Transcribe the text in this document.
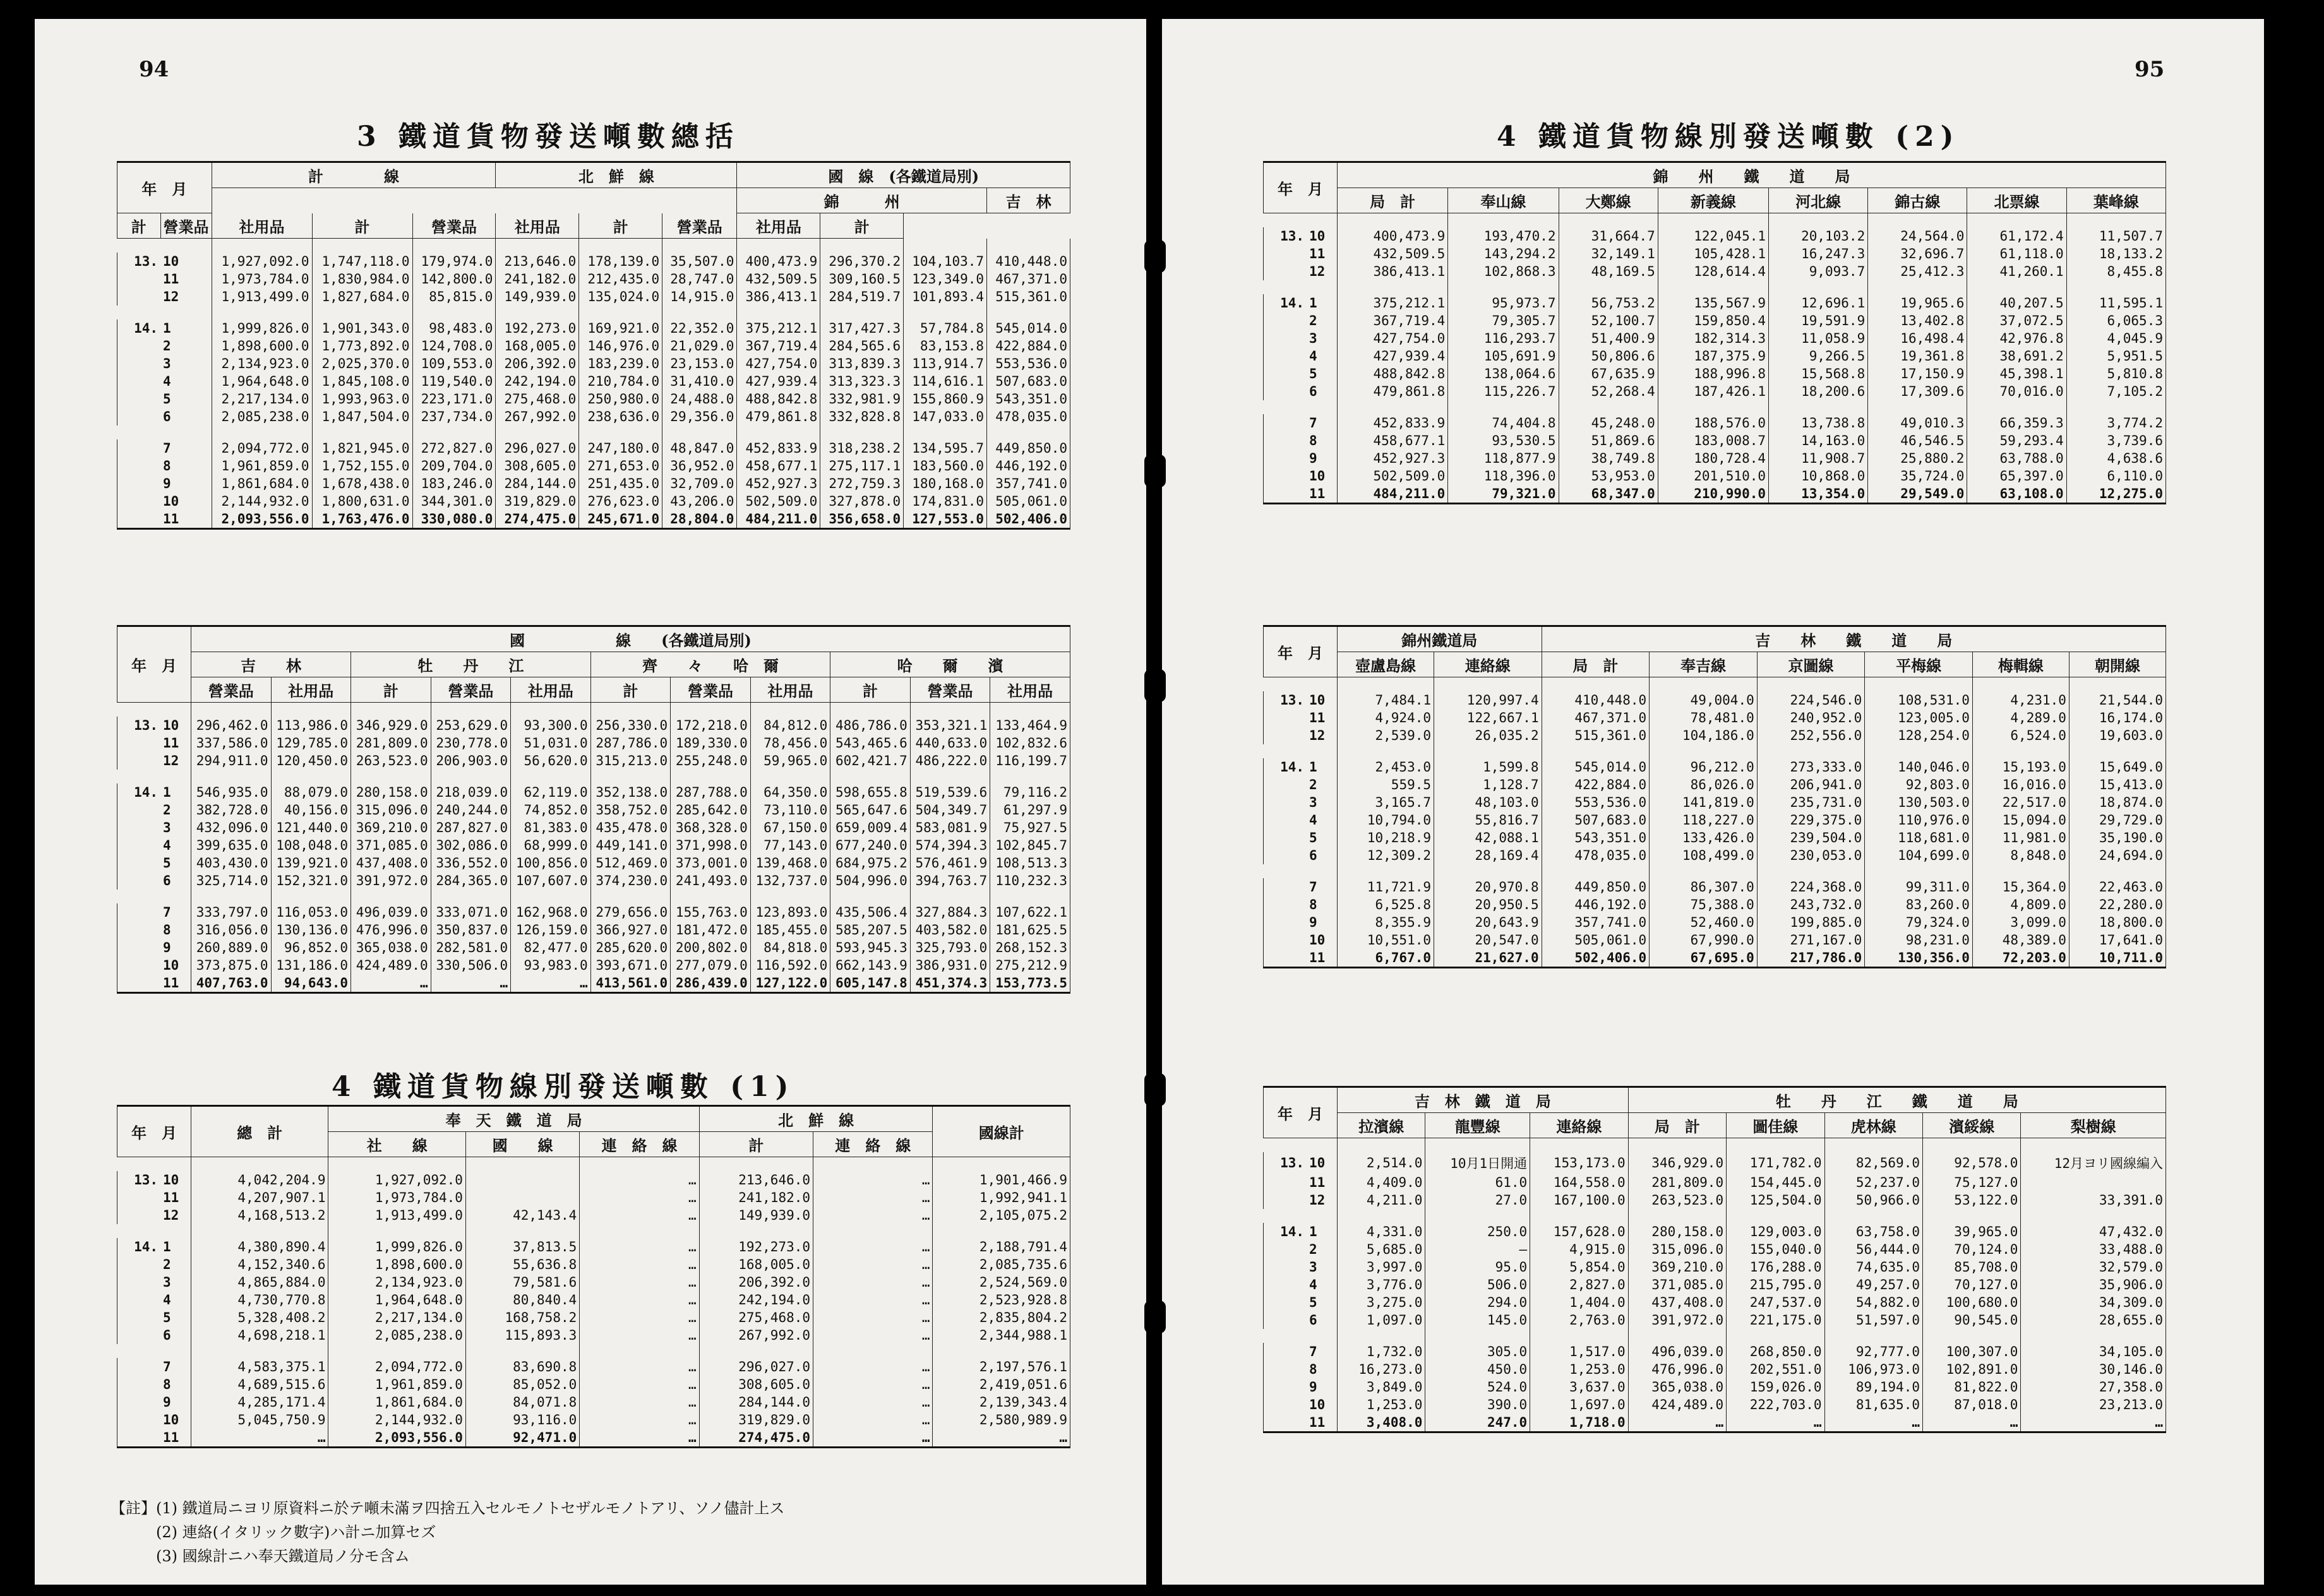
94
3 鐵道貨物發送噸數總括
年　月		計　　　　線			北　鮮　線			國　線　(各鐵道局別)			
								錦　　　州			吉　林
計	營業品	社用品	計	營業品	社用品	計	營業品	社用品	計		

13.	10	1,927,092.0	1,747,118.0	179,974.0	213,646.0	178,139.0	35,507.0	400,473.9	296,370.2	104,103.7	410,448.0
	11	1,973,784.0	1,830,984.0	142,800.0	241,182.0	212,435.0	28,747.0	432,509.5	309,160.5	123,349.0	467,371.0
	12	1,913,499.0	1,827,684.0	85,815.0	149,939.0	135,024.0	14,915.0	386,413.1	284,519.7	101,893.4	515,361.0

14.	1	1,999,826.0	1,901,343.0	98,483.0	192,273.0	169,921.0	22,352.0	375,212.1	317,427.3	57,784.8	545,014.0
	2	1,898,600.0	1,773,892.0	124,708.0	168,005.0	146,976.0	21,029.0	367,719.4	284,565.6	83,153.8	422,884.0
	3	2,134,923.0	2,025,370.0	109,553.0	206,392.0	183,239.0	23,153.0	427,754.0	313,839.3	113,914.7	553,536.0
	4	1,964,648.0	1,845,108.0	119,540.0	242,194.0	210,784.0	31,410.0	427,939.4	313,323.3	114,616.1	507,683.0
	5	2,217,134.0	1,993,963.0	223,171.0	275,468.0	250,980.0	24,488.0	488,842.8	332,981.9	155,860.9	543,351.0
	6	2,085,238.0	1,847,504.0	237,734.0	267,992.0	238,636.0	29,356.0	479,861.8	332,828.8	147,033.0	478,035.0

	7	2,094,772.0	1,821,945.0	272,827.0	296,027.0	247,180.0	48,847.0	452,833.9	318,238.2	134,595.7	449,850.0
	8	1,961,859.0	1,752,155.0	209,704.0	308,605.0	271,653.0	36,952.0	458,677.1	275,117.1	183,560.0	446,192.0
	9	1,861,684.0	1,678,438.0	183,246.0	284,144.0	251,435.0	32,709.0	452,927.3	272,759.3	180,168.0	357,741.0
	10	2,144,932.0	1,800,631.0	344,301.0	319,829.0	276,623.0	43,206.0	502,509.0	327,878.0	174,831.0	505,061.0
	11	2,093,556.0	1,763,476.0	330,080.0	274,475.0	245,671.0	28,804.0	484,211.0	356,658.0	127,553.0	502,406.0
年　月		國　　　　　　線　　(各鐵道局別)										
		吉　　林		牡　　丹　　江			齊　　々　　哈　爾			哈　　爾　　濱		
		營業品	社用品	計	營業品	社用品	計	營業品	社用品	計	營業品	社用品

13.	10	296,462.0	113,986.0	346,929.0	253,629.0	93,300.0	256,330.0	172,218.0	84,812.0	486,786.0	353,321.1	133,464.9
	11	337,586.0	129,785.0	281,809.0	230,778.0	51,031.0	287,786.0	189,330.0	78,456.0	543,465.6	440,633.0	102,832.6
	12	294,911.0	120,450.0	263,523.0	206,903.0	56,620.0	315,213.0	255,248.0	59,965.0	602,421.7	486,222.0	116,199.7

14.	1	546,935.0	88,079.0	280,158.0	218,039.0	62,119.0	352,138.0	287,788.0	64,350.0	598,655.8	519,539.6	79,116.2
	2	382,728.0	40,156.0	315,096.0	240,244.0	74,852.0	358,752.0	285,642.0	73,110.0	565,647.6	504,349.7	61,297.9
	3	432,096.0	121,440.0	369,210.0	287,827.0	81,383.0	435,478.0	368,328.0	67,150.0	659,009.4	583,081.9	75,927.5
	4	399,635.0	108,048.0	371,085.0	302,086.0	68,999.0	449,141.0	371,998.0	77,143.0	677,240.0	574,394.3	102,845.7
	5	403,430.0	139,921.0	437,408.0	336,552.0	100,856.0	512,469.0	373,001.0	139,468.0	684,975.2	576,461.9	108,513.3
	6	325,714.0	152,321.0	391,972.0	284,365.0	107,607.0	374,230.0	241,493.0	132,737.0	504,996.0	394,763.7	110,232.3

	7	333,797.0	116,053.0	496,039.0	333,071.0	162,968.0	279,656.0	155,763.0	123,893.0	435,506.4	327,884.3	107,622.1
	8	316,056.0	130,136.0	476,996.0	350,837.0	126,159.0	366,927.0	181,472.0	185,455.0	585,207.5	403,582.0	181,625.5
	9	260,889.0	96,852.0	365,038.0	282,581.0	82,477.0	285,620.0	200,802.0	84,818.0	593,945.3	325,793.0	268,152.3
	10	373,875.0	131,186.0	424,489.0	330,506.0	93,983.0	393,671.0	277,079.0	116,592.0	662,143.9	386,931.0	275,212.9
	11	407,763.0	94,643.0	…	…	…	413,561.0	286,439.0	127,122.0	605,147.8	451,374.3	153,773.5
4 鐵道貨物線別發送噸數 (1)
年　月		總　計	奉　天　鐵　道　局			北　鮮　線		國線計
			社　　線	國　　線	連　絡　線	計	連　絡　線	

13.	10	4,042,204.9	1,927,092.0		…	213,646.0	…	1,901,466.9
	11	4,207,907.1	1,973,784.0		…	241,182.0	…	1,992,941.1
	12	4,168,513.2	1,913,499.0	42,143.4	…	149,939.0	…	2,105,075.2

14.	1	4,380,890.4	1,999,826.0	37,813.5	…	192,273.0	…	2,188,791.4
	2	4,152,340.6	1,898,600.0	55,636.8	…	168,005.0	…	2,085,735.6
	3	4,865,884.0	2,134,923.0	79,581.6	…	206,392.0	…	2,524,569.0
	4	4,730,770.8	1,964,648.0	80,840.4	…	242,194.0	…	2,523,928.8
	5	5,328,408.2	2,217,134.0	168,758.2	…	275,468.0	…	2,835,804.2
	6	4,698,218.1	2,085,238.0	115,893.3	…	267,992.0	…	2,344,988.1

	7	4,583,375.1	2,094,772.0	83,690.8	…	296,027.0	…	2,197,576.1
	8	4,689,515.6	1,961,859.0	85,052.0	…	308,605.0	…	2,419,051.6
	9	4,285,171.4	1,861,684.0	84,071.8	…	284,144.0	…	2,139,343.4
	10	5,045,750.9	2,144,932.0	93,116.0	…	319,829.0	…	2,580,989.9
	11	…	2,093,556.0	92,471.0	…	274,475.0	…	…
【註】(1) 鐵道局ニヨリ原資料ニ於テ噸未滿ヲ四捨五入セルモノトセザルモノトアリ、ソノ儘計上ス
(2) 連絡(イタリック數字)ハ計ニ加算セズ
(3) 國線計ニハ奉天鐵道局ノ分モ含ム
95
4 鐵道貨物線別發送噸數 (2)
年　月		錦　　州　　鐵　　道　　局							
		局　計	奉山線	大鄭線	新義線	河北線	錦古線	北票線	葉峰線

13.	10	400,473.9	193,470.2	31,664.7	122,045.1	20,103.2	24,564.0	61,172.4	11,507.7
	11	432,509.5	143,294.2	32,149.1	105,428.1	16,247.3	32,696.7	61,118.0	18,133.2
	12	386,413.1	102,868.3	48,169.5	128,614.4	9,093.7	25,412.3	41,260.1	8,455.8

14.	1	375,212.1	95,973.7	56,753.2	135,567.9	12,696.1	19,965.6	40,207.5	11,595.1
	2	367,719.4	79,305.7	52,100.7	159,850.4	19,591.9	13,402.8	37,072.5	6,065.3
	3	427,754.0	116,293.7	51,400.9	182,314.3	11,058.9	16,498.4	42,976.8	4,045.9
	4	427,939.4	105,691.9	50,806.6	187,375.9	9,266.5	19,361.8	38,691.2	5,951.5
	5	488,842.8	138,064.6	67,635.9	188,996.8	15,568.8	17,150.9	45,398.1	5,810.8
	6	479,861.8	115,226.7	52,268.4	187,426.1	18,200.6	17,309.6	70,016.0	7,105.2

	7	452,833.9	74,404.8	45,248.0	188,576.0	13,738.8	49,010.3	66,359.3	3,774.2
	8	458,677.1	93,530.5	51,869.6	183,008.7	14,163.0	46,546.5	59,293.4	3,739.6
	9	452,927.3	118,877.9	38,749.8	180,728.4	11,908.7	25,880.2	63,788.0	4,638.6
	10	502,509.0	118,396.0	53,953.0	201,510.0	10,868.0	35,724.0	65,397.0	6,110.0
	11	484,211.0	79,321.0	68,347.0	210,990.0	13,354.0	29,549.0	63,108.0	12,275.0
年　月		錦州鐵道局		吉　　林　　鐵　　道　　局					
		壺盧島線	連絡線	局　計	奉吉線	京圖線	平梅線	梅輯線	朝開線

13.	10	7,484.1	120,997.4	410,448.0	49,004.0	224,546.0	108,531.0	4,231.0	21,544.0
	11	4,924.0	122,667.1	467,371.0	78,481.0	240,952.0	123,005.0	4,289.0	16,174.0
	12	2,539.0	26,035.2	515,361.0	104,186.0	252,556.0	128,254.0	6,524.0	19,603.0

14.	1	2,453.0	1,599.8	545,014.0	96,212.0	273,333.0	140,046.0	15,193.0	15,649.0
	2	559.5	1,128.7	422,884.0	86,026.0	206,941.0	92,803.0	16,016.0	15,413.0
	3	3,165.7	48,103.0	553,536.0	141,819.0	235,731.0	130,503.0	22,517.0	18,874.0
	4	10,794.0	55,816.7	507,683.0	118,227.0	229,375.0	110,976.0	15,094.0	29,729.0
	5	10,218.9	42,088.1	543,351.0	133,426.0	239,504.0	118,681.0	11,981.0	35,190.0
	6	12,309.2	28,169.4	478,035.0	108,499.0	230,053.0	104,699.0	8,848.0	24,694.0

	7	11,721.9	20,970.8	449,850.0	86,307.0	224,368.0	99,311.0	15,364.0	22,463.0
	8	6,525.8	20,950.5	446,192.0	75,388.0	243,732.0	83,260.0	4,809.0	22,280.0
	9	8,355.9	20,643.9	357,741.0	52,460.0	199,885.0	79,324.0	3,099.0	18,800.0
	10	10,551.0	20,547.0	505,061.0	67,990.0	271,167.0	98,231.0	48,389.0	17,641.0
	11	6,767.0	21,627.0	502,406.0	67,695.0	217,786.0	130,356.0	72,203.0	10,711.0
年　月		吉　林　鐵　道　局			牡　　丹　　江　　鐵　　道　　局				
		拉濱線	龍豐線	連絡線	局　計	圖佳線	虎林線	濱綏線	梨樹線

13.	10	2,514.0	10月1日開通	153,173.0	346,929.0	171,782.0	82,569.0	92,578.0	12月ヨリ國線編入
	11	4,409.0	61.0	164,558.0	281,809.0	154,445.0	52,237.0	75,127.0	
	12	4,211.0	27.0	167,100.0	263,523.0	125,504.0	50,966.0	53,122.0	33,391.0

14.	1	4,331.0	250.0	157,628.0	280,158.0	129,003.0	63,758.0	39,965.0	47,432.0
	2	5,685.0	—	4,915.0	315,096.0	155,040.0	56,444.0	70,124.0	33,488.0
	3	3,997.0	95.0	5,854.0	369,210.0	176,288.0	74,635.0	85,708.0	32,579.0
	4	3,776.0	506.0	2,827.0	371,085.0	215,795.0	49,257.0	70,127.0	35,906.0
	5	3,275.0	294.0	1,404.0	437,408.0	247,537.0	54,882.0	100,680.0	34,309.0
	6	1,097.0	145.0	2,763.0	391,972.0	221,175.0	51,597.0	90,545.0	28,655.0

	7	1,732.0	305.0	1,517.0	496,039.0	268,850.0	92,777.0	100,307.0	34,105.0
	8	16,273.0	450.0	1,253.0	476,996.0	202,551.0	106,973.0	102,891.0	30,146.0
	9	3,849.0	524.0	3,637.0	365,038.0	159,026.0	89,194.0	81,822.0	27,358.0
	10	1,253.0	390.0	1,697.0	424,489.0	222,703.0	81,635.0	87,018.0	23,213.0
	11	3,408.0	247.0	1,718.0	…	…	…	…	…
